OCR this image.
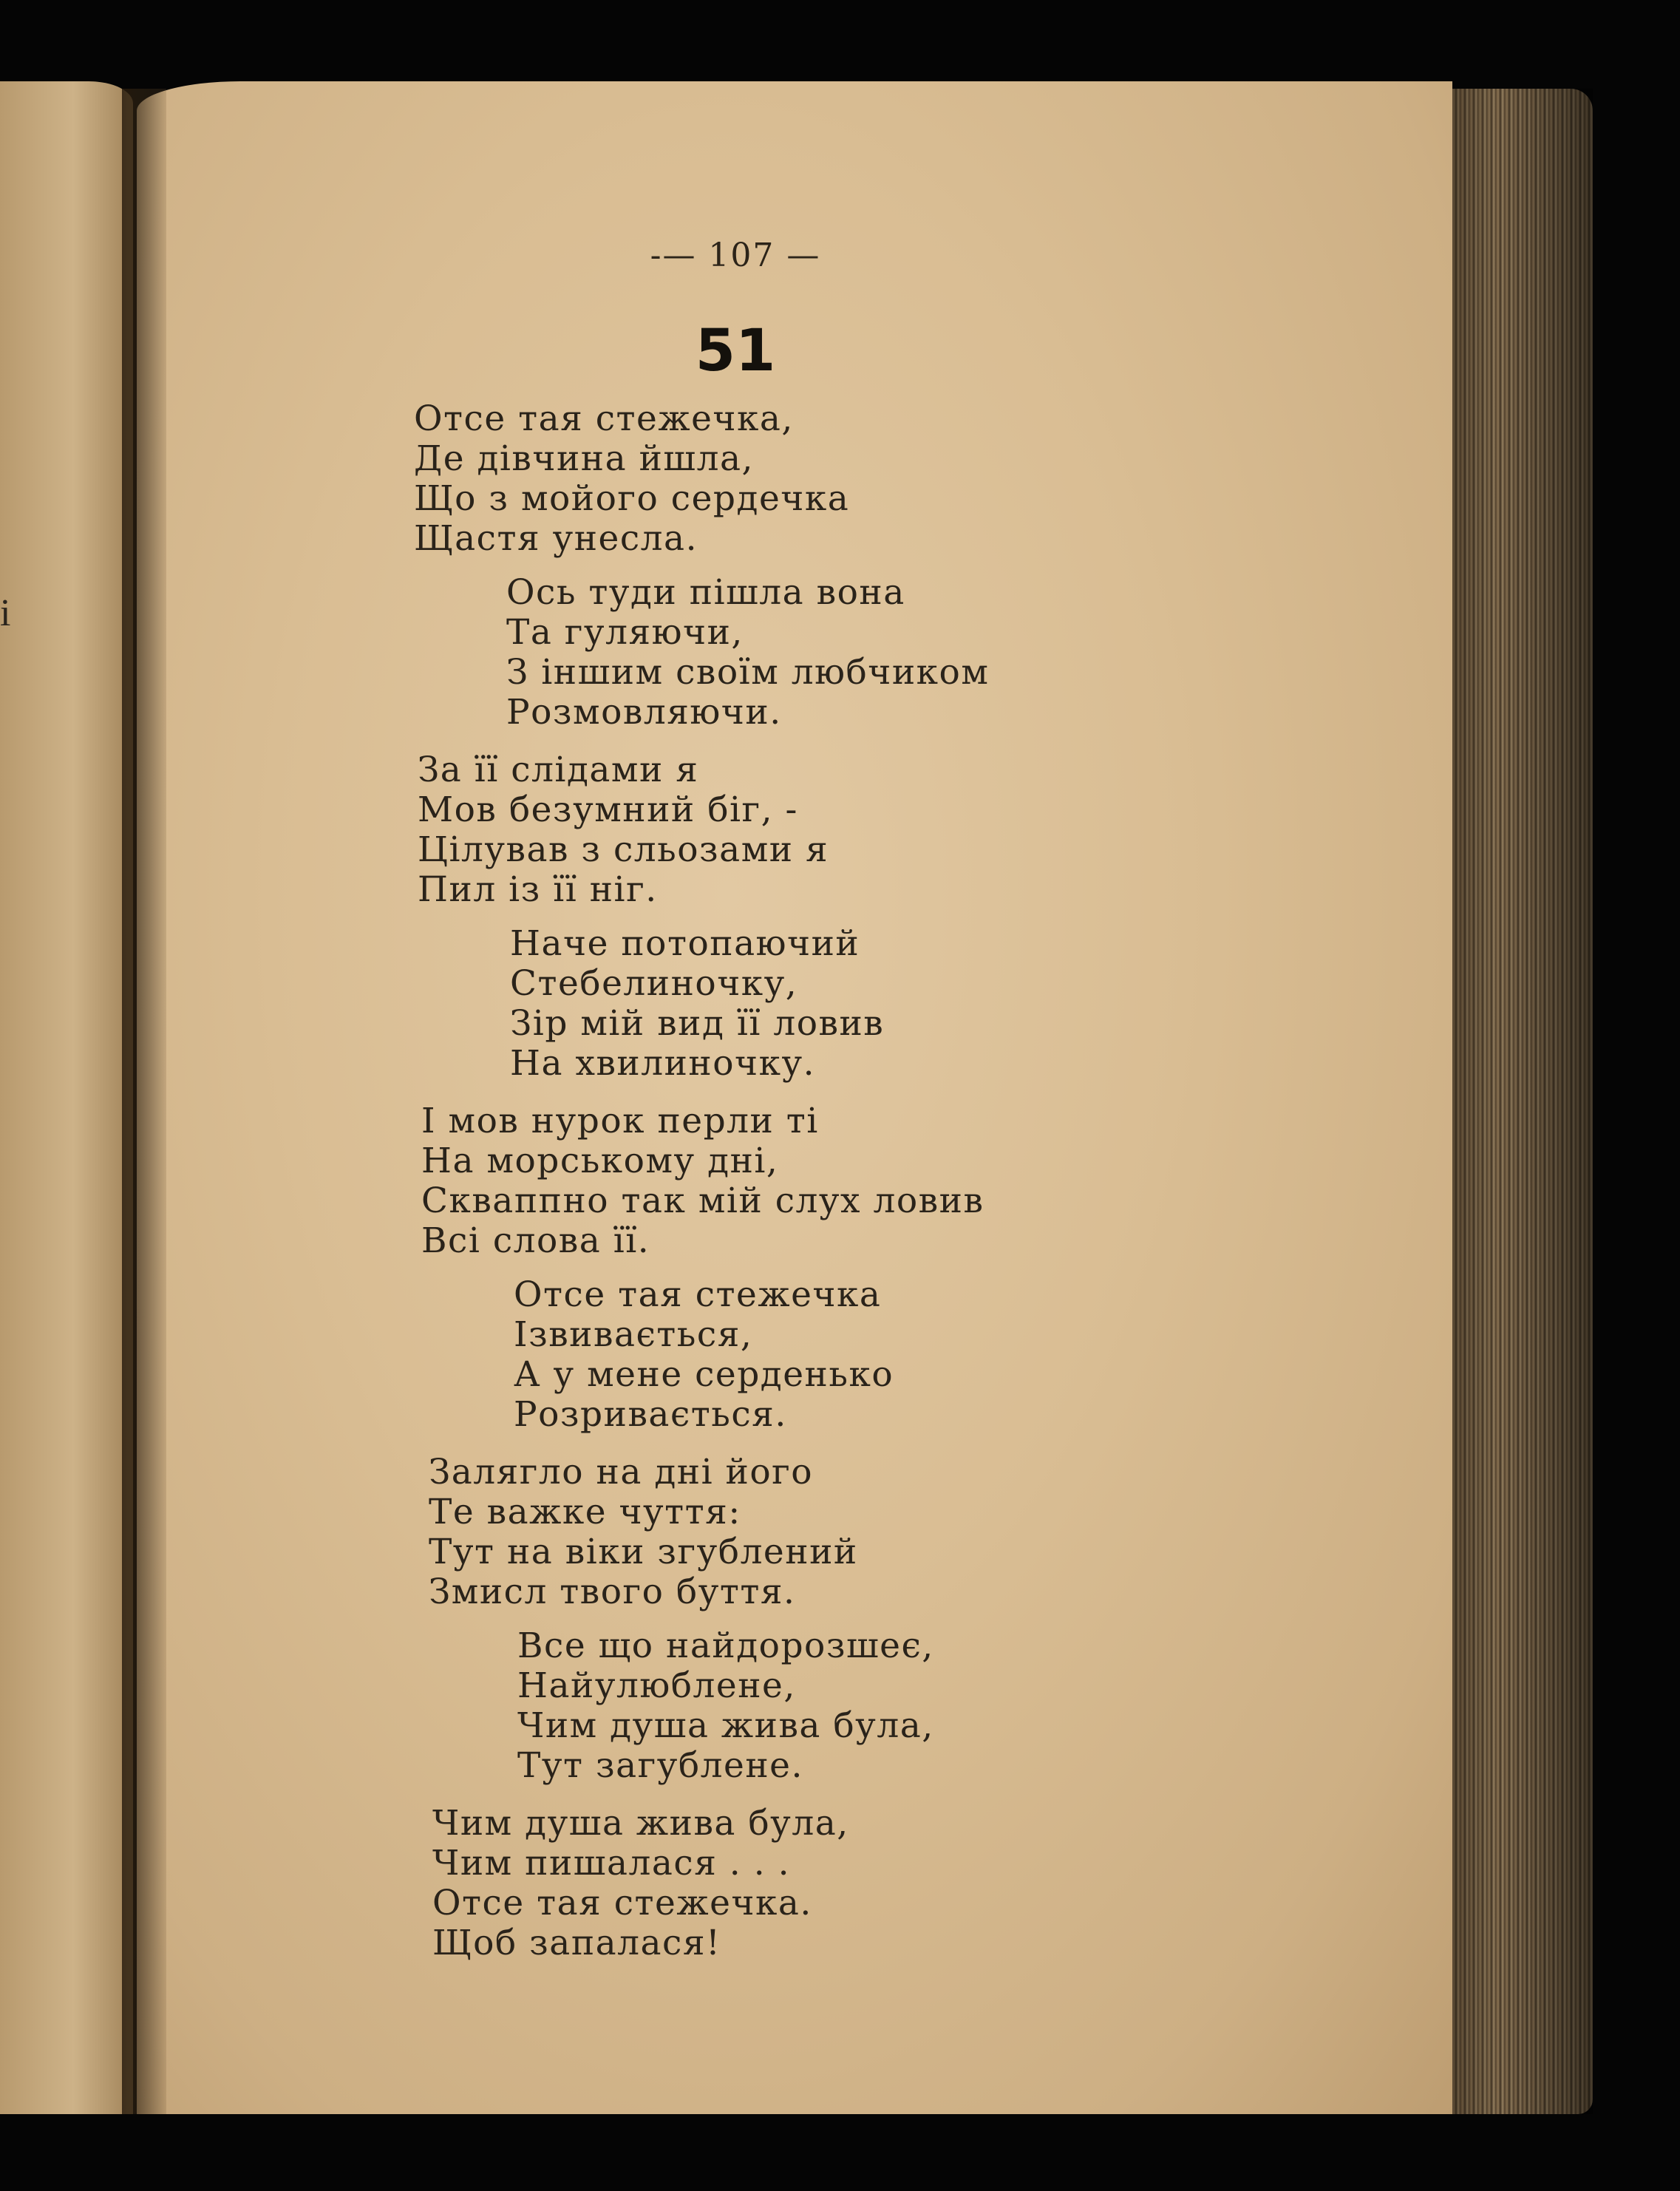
і
-— 107 —
51
Отсе тая стежечка,
Де дівчина йшла,
Що з мойого сердечка
Щастя унесла.
Ось туди пішла вона
Та гуляючи,
З іншим своїм любчиком
Розмовляючи.
За її слідами я
Мов безумний біг, -
Цілував з сльозами я
Пил із її ніг.
Наче потопаючий
Стебелиночку,
Зір мій вид її ловив
На хвилиночку.
І мов нурок перли ті
На морському дні,
Скваппно так мій слух ловив
Всі слова її.
Отсе тая стежечка
Ізвивається,
А у мене серденько
Розривається.
Залягло на дні його
Те важке чуття:
Тут на віки згублений
Змисл твого буття.
Все що найдорозшеє,
Найулюблене,
Чим душа жива була,
Тут загублене.
Чим душа жива була,
Чим пишалася . . .
Отсе тая стежечка.
Щоб запалася!
